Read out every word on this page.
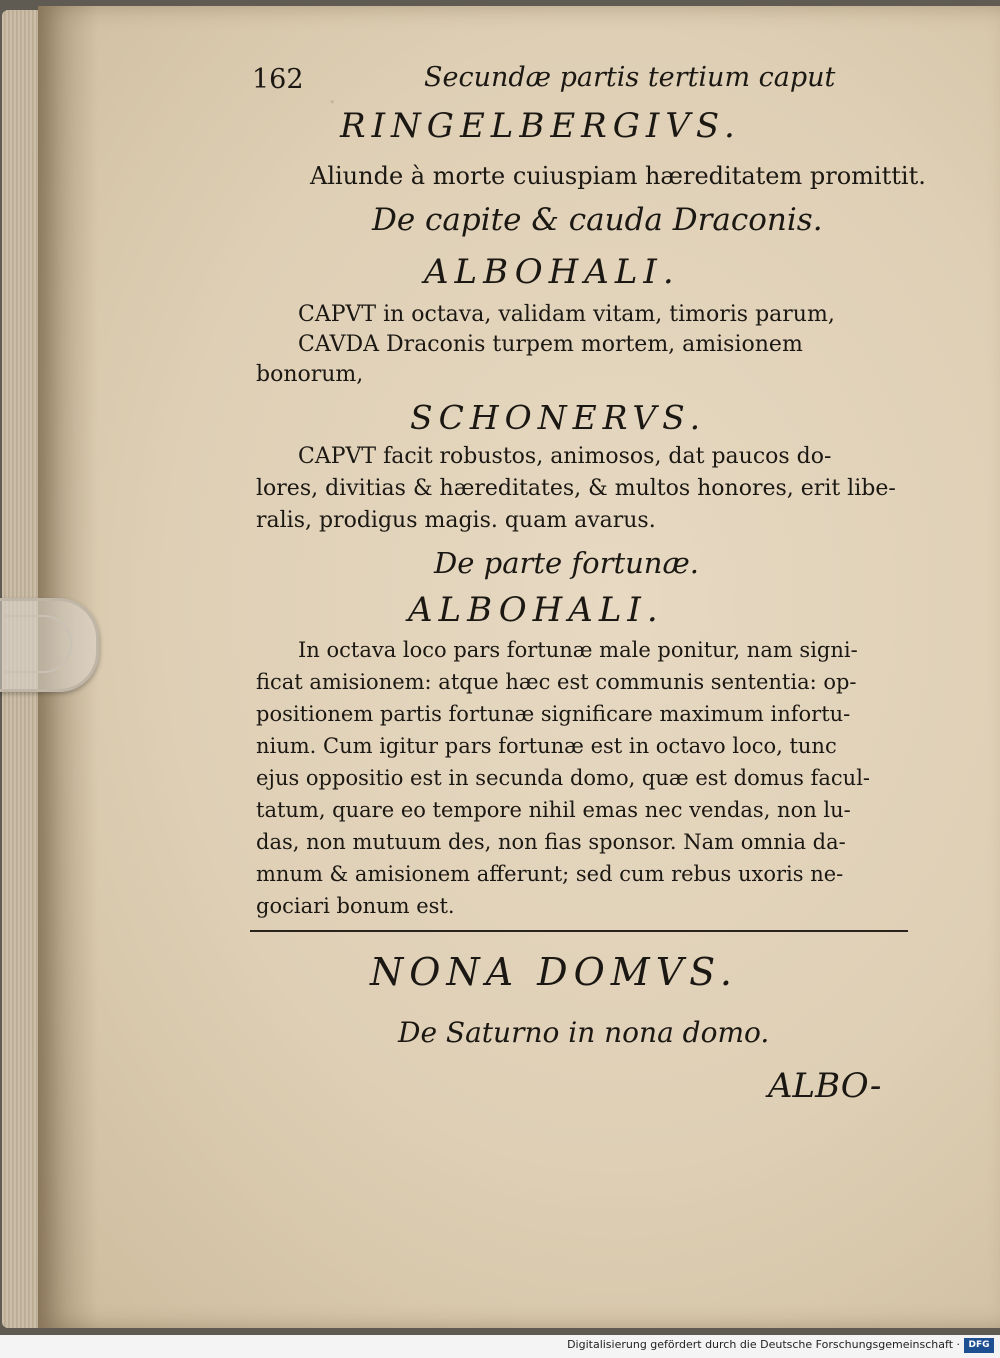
·
162	Secundæ partis tertium caput
RINGELBERGIVS.
Aliunde à morte cuiuspiam hæreditatem promittit.
De capite & cauda Draconis.
ALBOHALI.
CAPVT in octava, validam vitam, timoris parum,
CAVDA Draconis turpem mortem, amisionem
bonorum,
SCHONERVS.
CAPVT facit robustos, animosos, dat paucos do-
lores, divitias & hæreditates, & multos honores, erit libe-
ralis, prodigus magis. quam avarus.
De parte fortunæ.
ALBOHALI.
In octava loco pars fortunæ male ponitur, nam signi-
ficat amisionem: atque hæc est communis sententia: op-
positionem partis fortunæ significare maximum infortu-
nium. Cum igitur pars fortunæ est in octavo loco, tunc
ejus oppositio est in secunda domo, quæ est domus facul-
tatum, quare eo tempore nihil emas nec vendas, non lu-
das, non mutuum des, non fias sponsor. Nam omnia da-
mnum & amisionem afferunt; sed cum rebus uxoris ne-
gociari bonum est.
NONA DOMVS.
De Saturno in nona domo.
ALBO-
Digitalisierung gefördert durch die Deutsche Forschungsgemeinschaft · DFG
